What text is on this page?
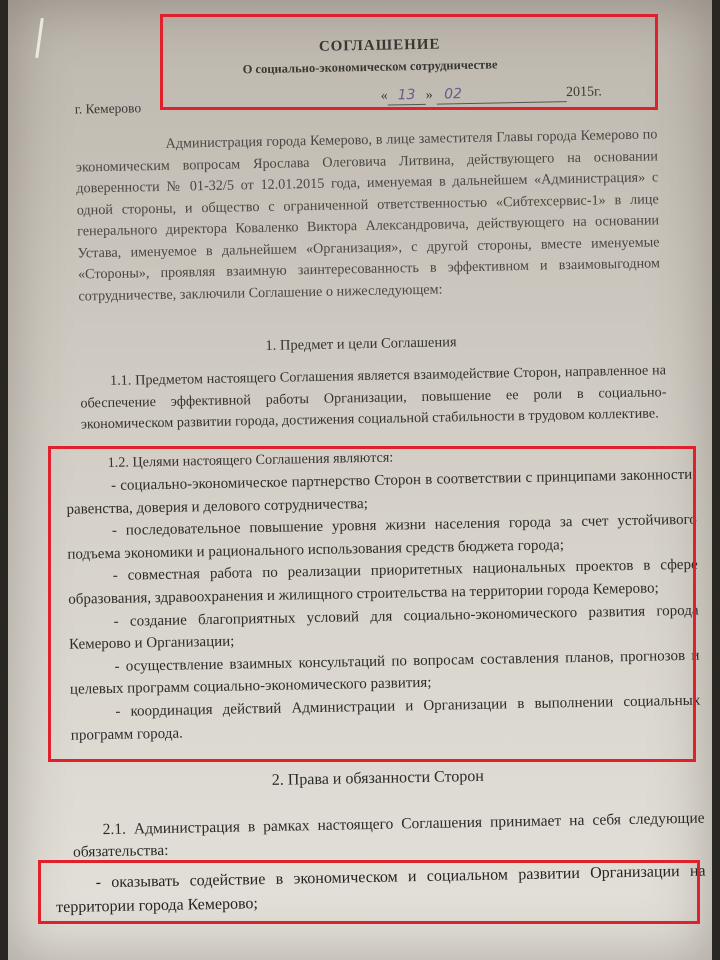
СОГЛАШЕНИЕ
О социально-экономическом сотрудничестве
г. Кемерово
« 13 » 02	2015г.
Администрация города Кемерово, в лице заместителя Главы города Кемерово по экономическим вопросам Ярослава Олеговича Литвина, действующего на основании доверенности № 01-32/5 от 12.01.2015 года, именуемая в дальнейшем «Администрация» с одной стороны, и общество с ограниченной ответственностью «Сибтехсервис-1» в лице генерального директора Коваленко Виктора Александровича, действующего на основании Устава, именуемое в дальнейшем «Организация», с другой стороны, вместе именуемые «Стороны», проявляя взаимную заинтересованность в эффективном и взаимовыгодном сотрудничестве, заключили Соглашение о нижеследующем:
1. Предмет и цели Соглашения
1.1. Предметом настоящего Соглашения является взаимодействие Сторон, направленное на обеспечение эффективной работы Организации, повышение ее роли в социально-экономическом развитии города, достижения социальной стабильности в трудовом коллективе.
1.2. Целями настоящего Соглашения являются:

- социально-экономическое партнерство Сторон в соответствии с принципами законности, равенства, доверия и делового сотрудничества;

- последовательное повышение уровня жизни населения города за счет устойчивого подъема экономики и рационального использования средств бюджета города;

- совместная работа по реализации приоритетных национальных проектов в сфере образования, здравоохранения и жилищного строительства на территории города Кемерово;

- создание благоприятных условий для социально-экономического развития города Кемерово и Организации;

- осуществление взаимных консультаций по вопросам составления планов, прогнозов и целевых программ социально-экономического развития;

- координация действий Администрации и Организации в выполнении социальных программ города.

2. Права и обязанности Сторон
2.1. Администрация в рамках настоящего Соглашения принимает на себя следующие обязательства:
- оказывать содействие в экономическом и социальном развитии Организации на территории города Кемерово;
